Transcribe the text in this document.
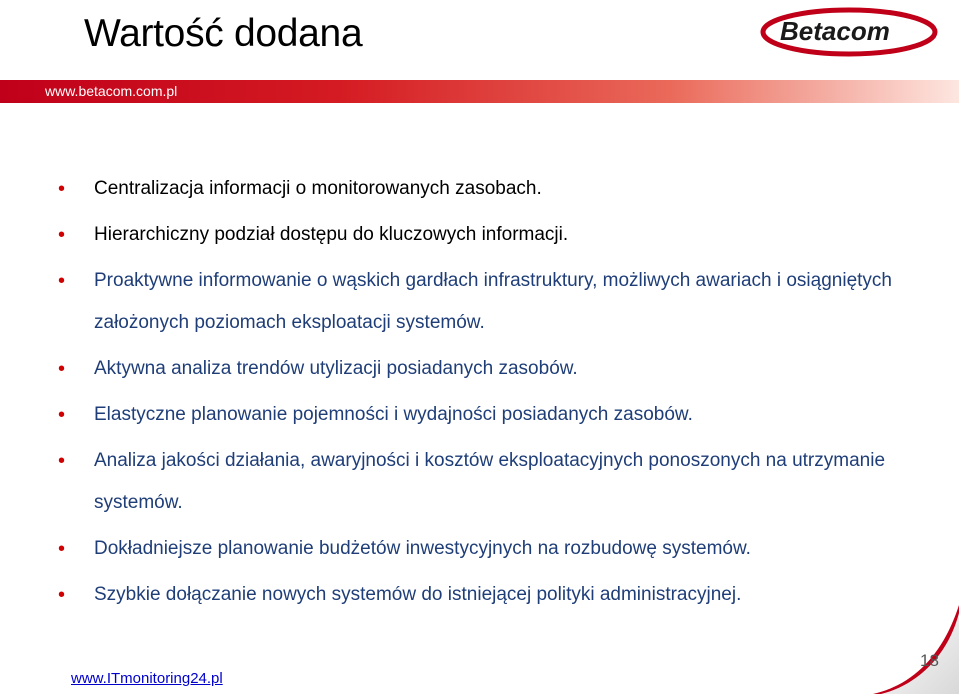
Wartość dodana	Betacom
www.betacom.com.pl
• Centralizacja informacji o monitorowanych zasobach.
• Hierarchiczny podział dostępu do kluczowych informacji.
• Proaktywne informowanie o wąskich gardłach infrastruktury, możliwych awariach i osiągniętych założonych poziomach eksploatacji systemów.
• Aktywna analiza trendów utylizacji posiadanych zasobów.
• Elastyczne planowanie pojemności i wydajności posiadanych zasobów.
• Analiza jakości działania, awaryjności i kosztów eksploatacyjnych ponoszonych na utrzymanie systemów.
• Dokładniejsze planowanie budżetów inwestycyjnych na rozbudowę systemów.
• Szybkie dołączanie nowych systemów do istniejącej polityki administracyjnej.
www.ITmonitoring24.pl
18
